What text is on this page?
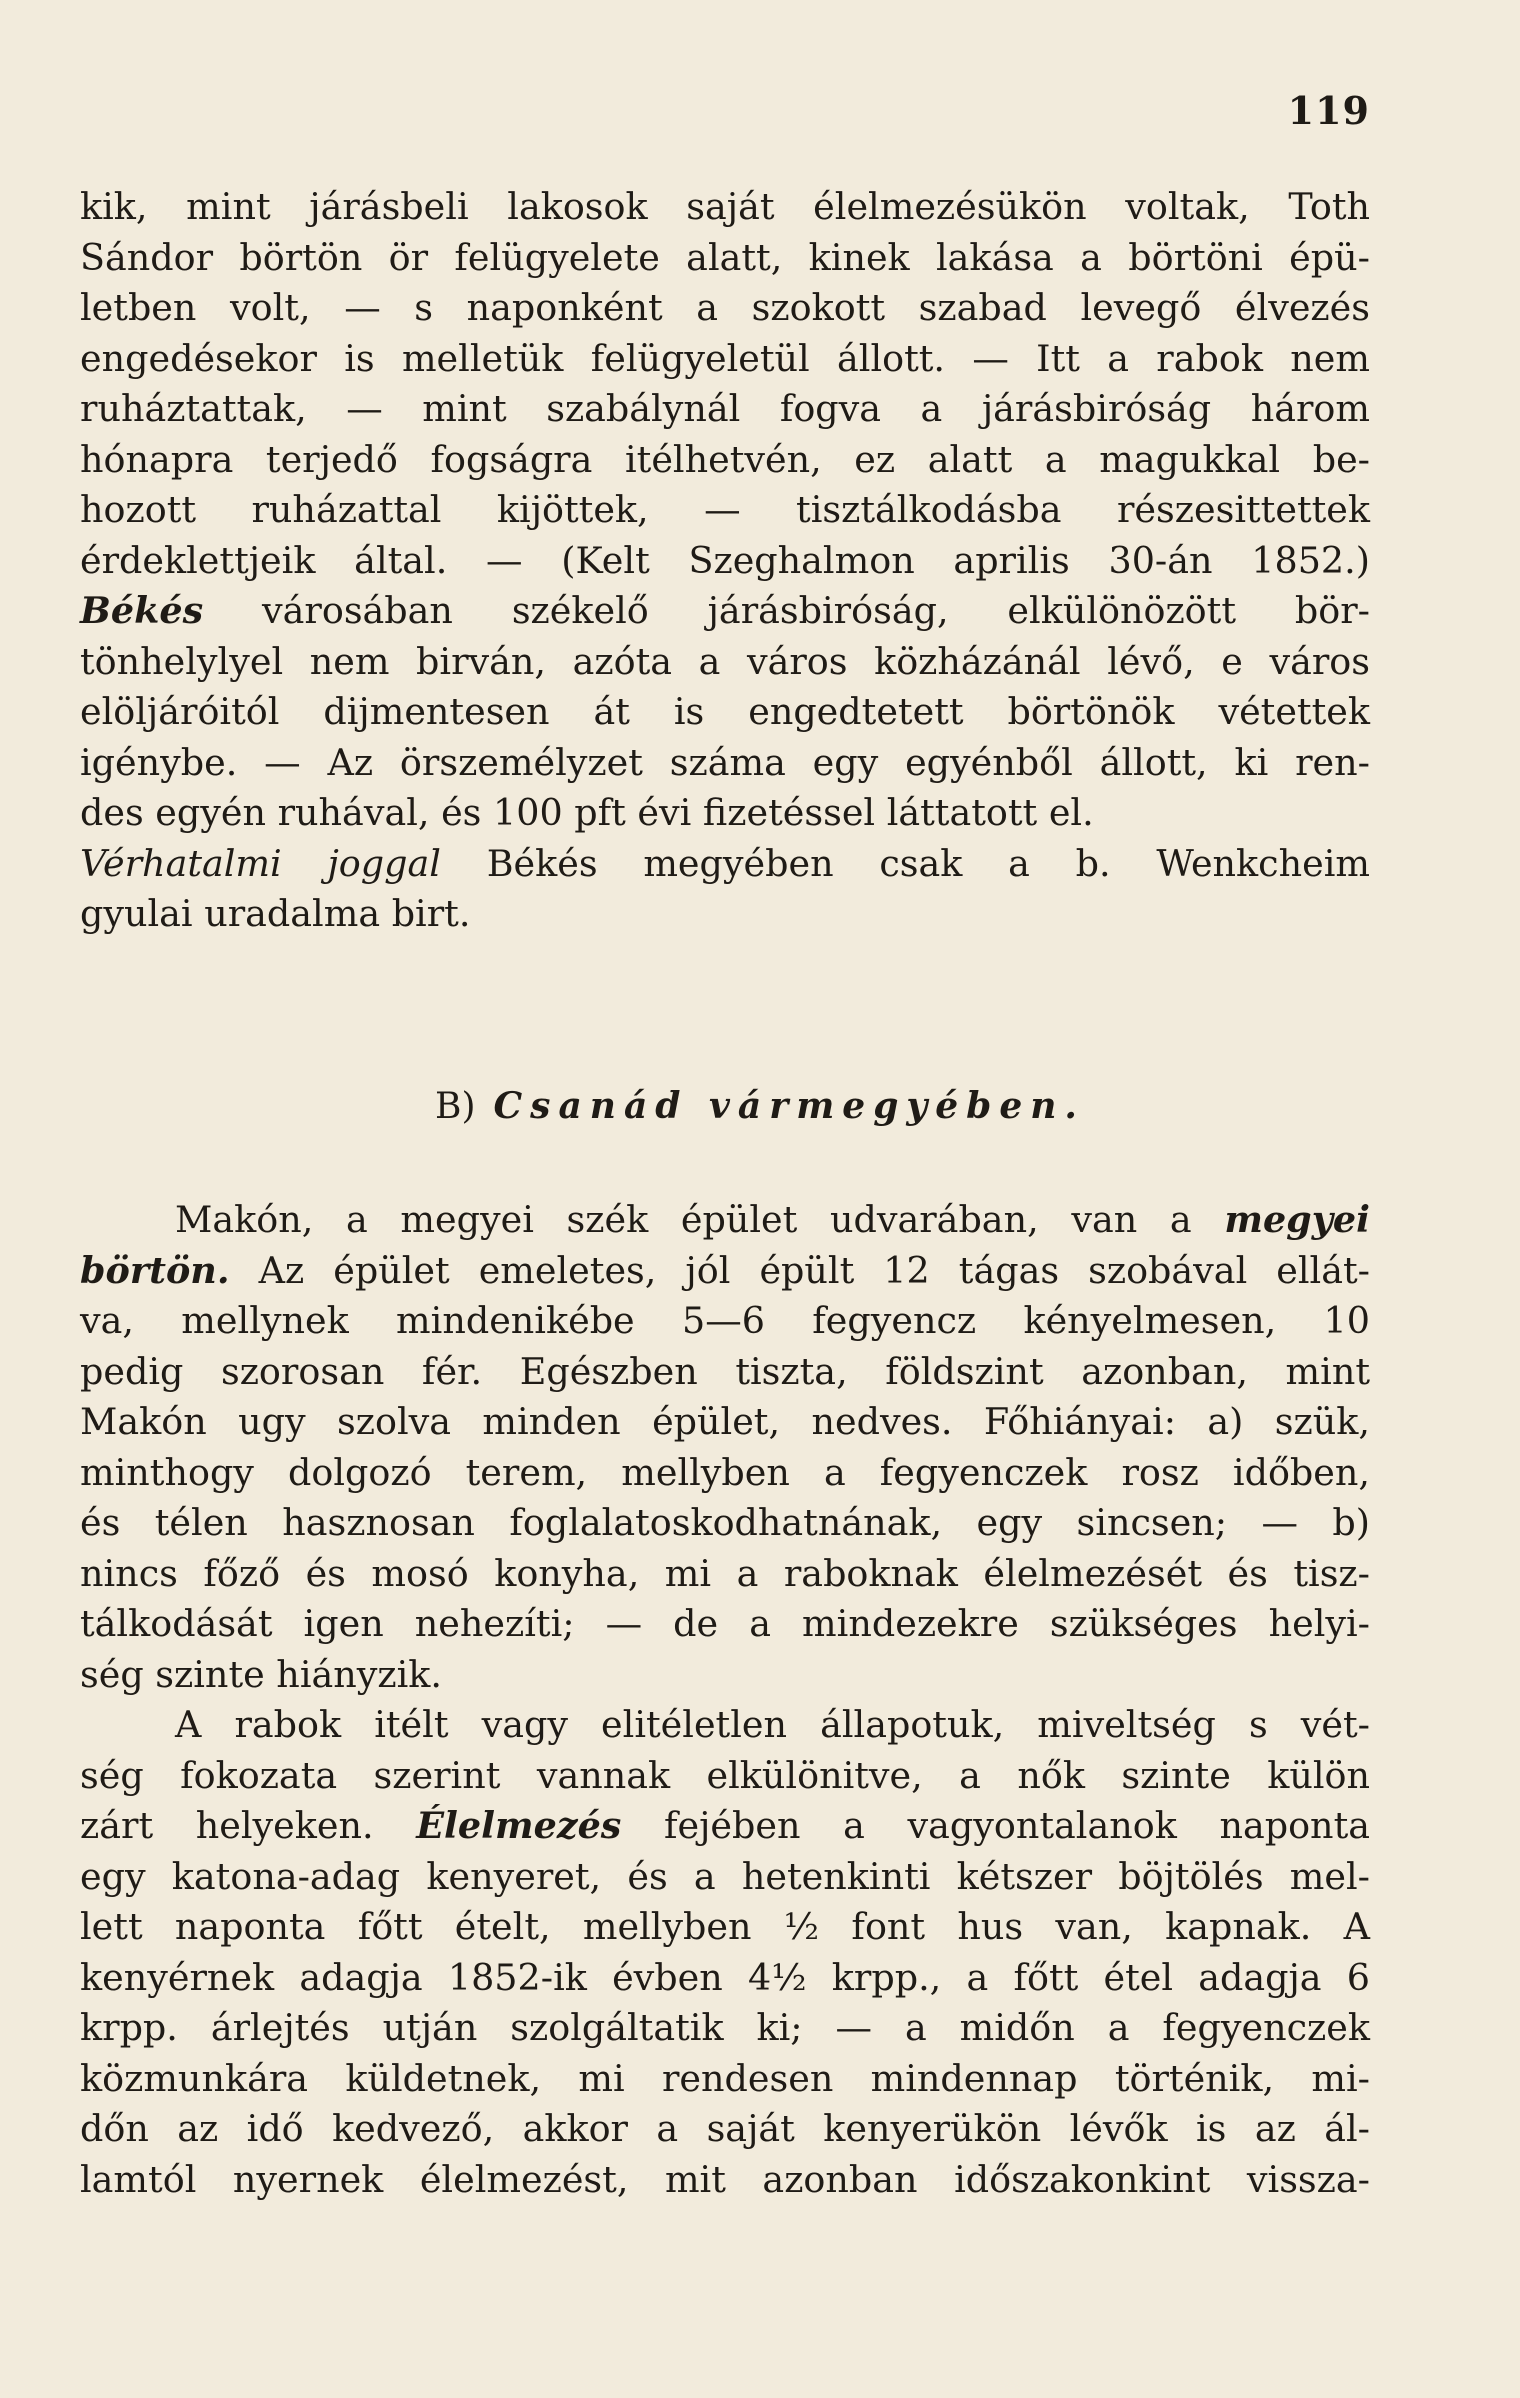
119
kik, mint járásbeli lakosok saját élelmezésükön voltak, Toth
Sándor börtön ör felügyelete alatt, kinek lakása a börtöni épü-
letben volt, — s naponként a szokott szabad levegő élvezés
engedésekor is melletük felügyeletül állott. — Itt a rabok nem
ruháztattak, — mint szabálynál fogva a járásbiróság három
hónapra terjedő fogságra itélhetvén, ez alatt a magukkal be-
hozott ruházattal kijöttek, — tisztálkodásba részesittettek
érdeklettjeik által. — (Kelt Szeghalmon aprilis 30-án 1852.)
Békés városában székelő járásbiróság, elkülönözött bör-
tönhelylyel nem birván, azóta a város közházánál lévő, e város
elöljáróitól dijmentesen át is engedtetett börtönök vétettek
igénybe. — Az örszemélyzet száma egy egyénből állott, ki ren-
des egyén ruhával, és 100 pft évi fizetéssel láttatott el.
Vérhatalmi joggal Békés megyében csak a b. Wenkcheim
gyulai uradalma birt.
B) Csanád vármegyében.
Makón, a megyei szék épület udvarában, van a megyei
börtön. Az épület emeletes, jól épült 12 tágas szobával ellát-
va, mellynek mindenikébe 5—6 fegyencz kényelmesen, 10
pedig szorosan fér. Egészben tiszta, földszint azonban, mint
Makón ugy szolva minden épület, nedves. Főhiányai: a) szük,
minthogy dolgozó terem, mellyben a fegyenczek rosz időben,
és télen hasznosan foglalatoskodhatnának, egy sincsen; — b)
nincs főző és mosó konyha, mi a raboknak élelmezését és tisz-
tálkodását igen nehezíti; — de a mindezekre szükséges helyi-
ség szinte hiányzik.
A rabok itélt vagy elitéletlen állapotuk, miveltség s vét-
ség fokozata szerint vannak elkülönitve, a nők szinte külön
zárt helyeken. Élelmezés fejében a vagyontalanok naponta
egy katona-adag kenyeret, és a hetenkinti kétszer böjtölés mel-
lett naponta főtt ételt, mellyben ½ font hus van, kapnak. A
kenyérnek adagja 1852-ik évben 4½ krpp., a főtt étel adagja 6
krpp. árlejtés utján szolgáltatik ki; — a midőn a fegyenczek
közmunkára küldetnek, mi rendesen mindennap történik, mi-
dőn az idő kedvező, akkor a saját kenyerükön lévők is az ál-
lamtól nyernek élelmezést, mit azonban időszakonkint vissza-
